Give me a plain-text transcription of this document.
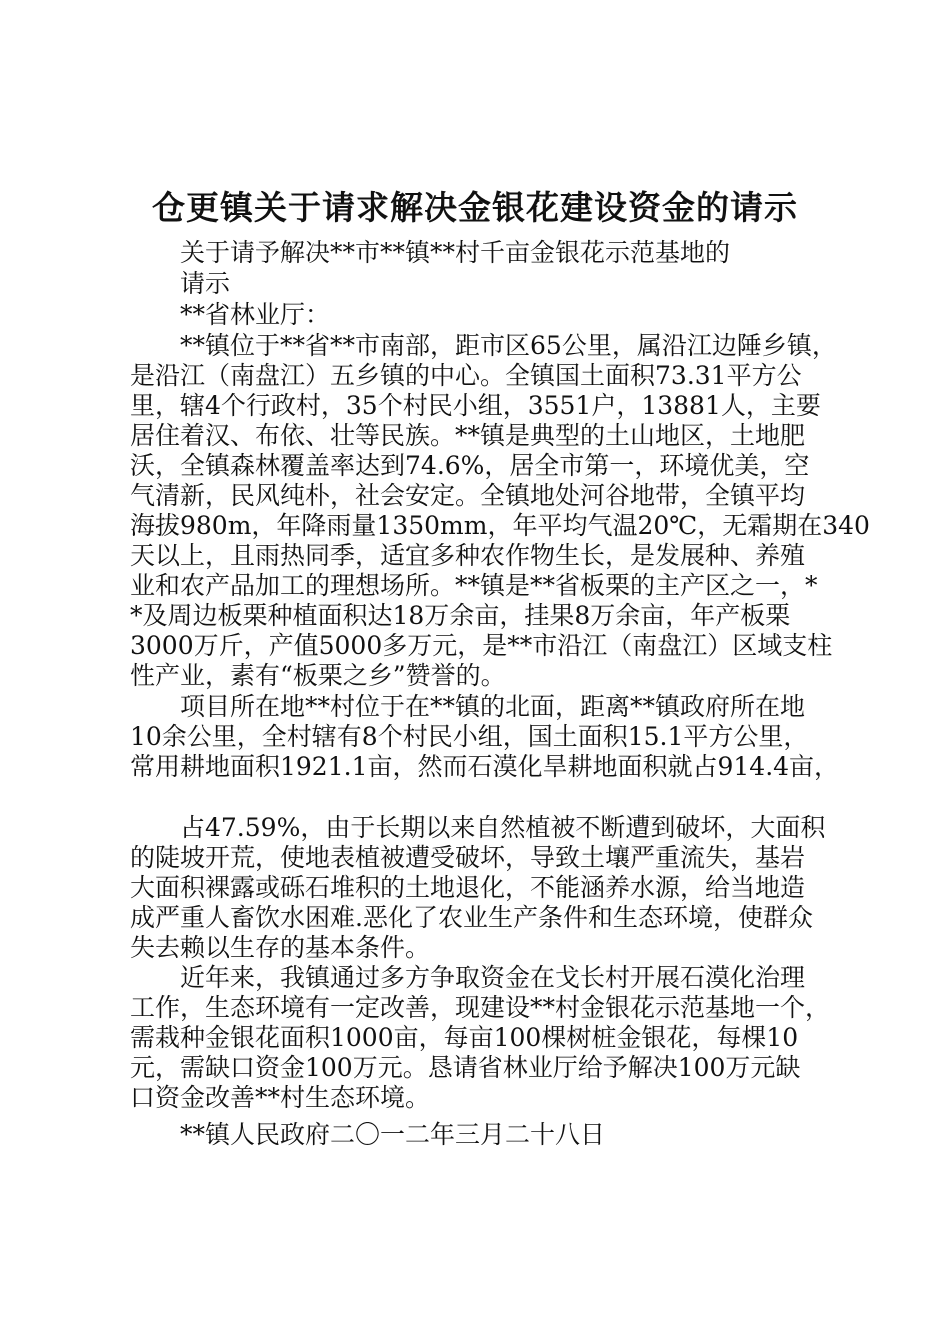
仓更镇关于请求解决金银花建设资金的请示
关于请予解决**市**镇**村千亩金银花示范基地的
请示
**省林业厅：
**镇位于**省**市南部，距市区65公里，属沿江边陲乡镇，
是沿江（南盘江）五乡镇的中心。全镇国土面积73.31平方公
里，辖4个行政村，35个村民小组，3551户，13881人，主要
居住着汉、布依、壮等民族。**镇是典型的土山地区，土地肥
沃，全镇森林覆盖率达到74.6%，居全市第一，环境优美，空
气清新，民风纯朴，社会安定。全镇地处河谷地带，全镇平均
海拔980m，年降雨量1350mm，年平均气温20℃，无霜期在340
天以上，且雨热同季，适宜多种农作物生长，是发展种、养殖
业和农产品加工的理想场所。**镇是**省板栗的主产区之一，*
*及周边板栗种植面积达18万余亩，挂果8万余亩，年产板栗
3000万斤，产值5000多万元，是**市沿江（南盘江）区域支柱
性产业，素有“板栗之乡”赞誉的。
项目所在地**村位于在**镇的北面，距离**镇政府所在地
10余公里，全村辖有8个村民小组，国土面积15.1平方公里，
常用耕地面积1921.1亩，然而石漠化旱耕地面积就占914.4亩，
占47.59%，由于长期以来自然植被不断遭到破坏，大面积
的陡坡开荒，使地表植被遭受破坏，导致土壤严重流失，基岩
大面积裸露或砾石堆积的土地退化，不能涵养水源，给当地造
成严重人畜饮水困难.恶化了农业生产条件和生态环境，使群众
失去赖以生存的基本条件。
近年来，我镇通过多方争取资金在戈长村开展石漠化治理
工作，生态环境有一定改善，现建设**村金银花示范基地一个，
需栽种金银花面积1000亩，每亩100棵树桩金银花，每棵10
元，需缺口资金100万元。恳请省林业厅给予解决100万元缺
口资金改善**村生态环境。
**镇人民政府二〇一二年三月二十八日
